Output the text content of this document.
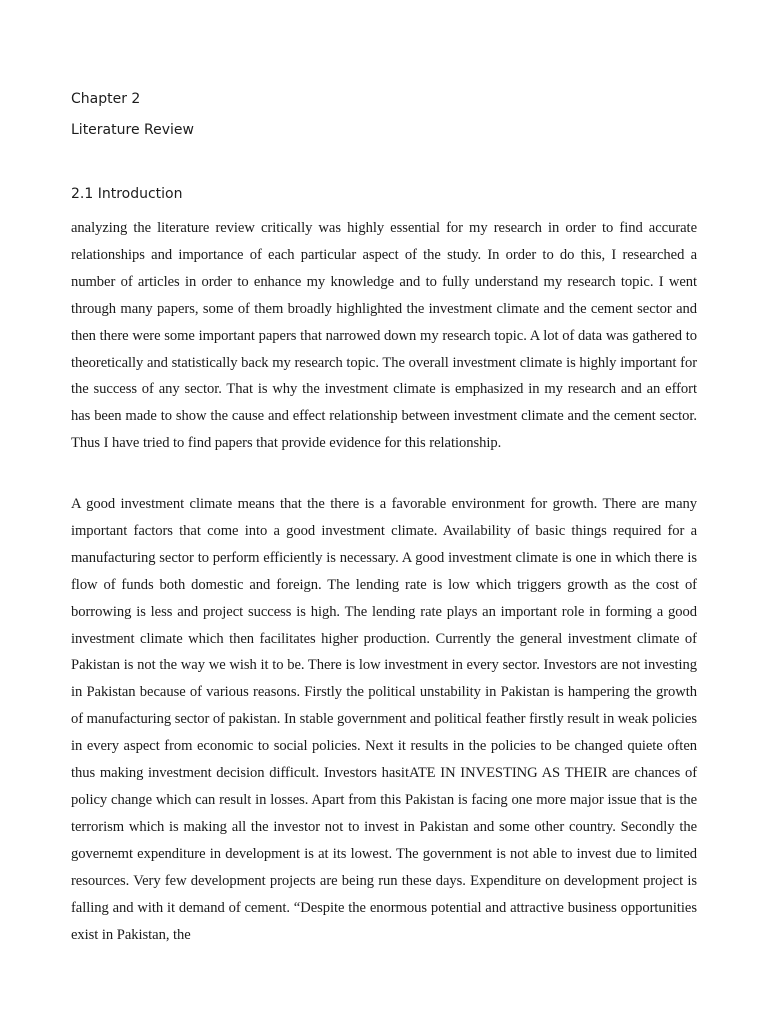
Chapter 2
Literature Review
2.1 Introduction

analyzing the literature review critically was highly essential for my research in order to find accurate relationships and importance of each particular aspect of the study. In order to do this, I researched a number of articles in order to enhance my knowledge and to fully understand my research topic. I went through many papers, some of them broadly highlighted the investment climate and the cement sector and then there were some important papers that narrowed down my research topic. A lot of data was gathered to theoretically and statistically back my research topic. The overall investment climate is highly important for the success of any sector. That is why the investment climate is emphasized in my research and an effort has been made to show the cause and effect relationship between investment climate and the cement sector. Thus I have tried to find papers that provide evidence for this relationship.

A good investment climate means that the there is a favorable environment for growth. There are many important factors that come into a good investment climate. Availability of basic things required for a manufacturing sector to perform efficiently is necessary. A good investment climate is one in which there is flow of funds both domestic and foreign. The lending rate is low which triggers growth as the cost of borrowing is less and project success is high. The lending rate plays an important role in forming a good investment climate which then facilitates higher production. Currently the general investment climate of Pakistan is not the way we wish it to be. There is low investment in every sector. Investors are not investing in Pakistan because of various reasons. Firstly the political unstability in Pakistan is hampering the growth of manufacturing sector of pakistan. In stable government and political feather firstly result in weak policies in every aspect from economic to social policies. Next it results in the policies to be changed quiete often thus making investment decision difficult. Investors hasitATE IN INVESTING AS THEIR are chances of policy change which can result in losses. Apart from this Pakistan is facing one more major issue that is the terrorism which is making all the investor not to invest in Pakistan and some other country. Secondly the governemt expenditure in development is at its lowest. The government is not able to invest due to limited resources. Very few development projects are being run these days. Expenditure on development project is falling and with it demand of cement. “Despite the enormous potential and attractive business opportunities exist in Pakistan, the
